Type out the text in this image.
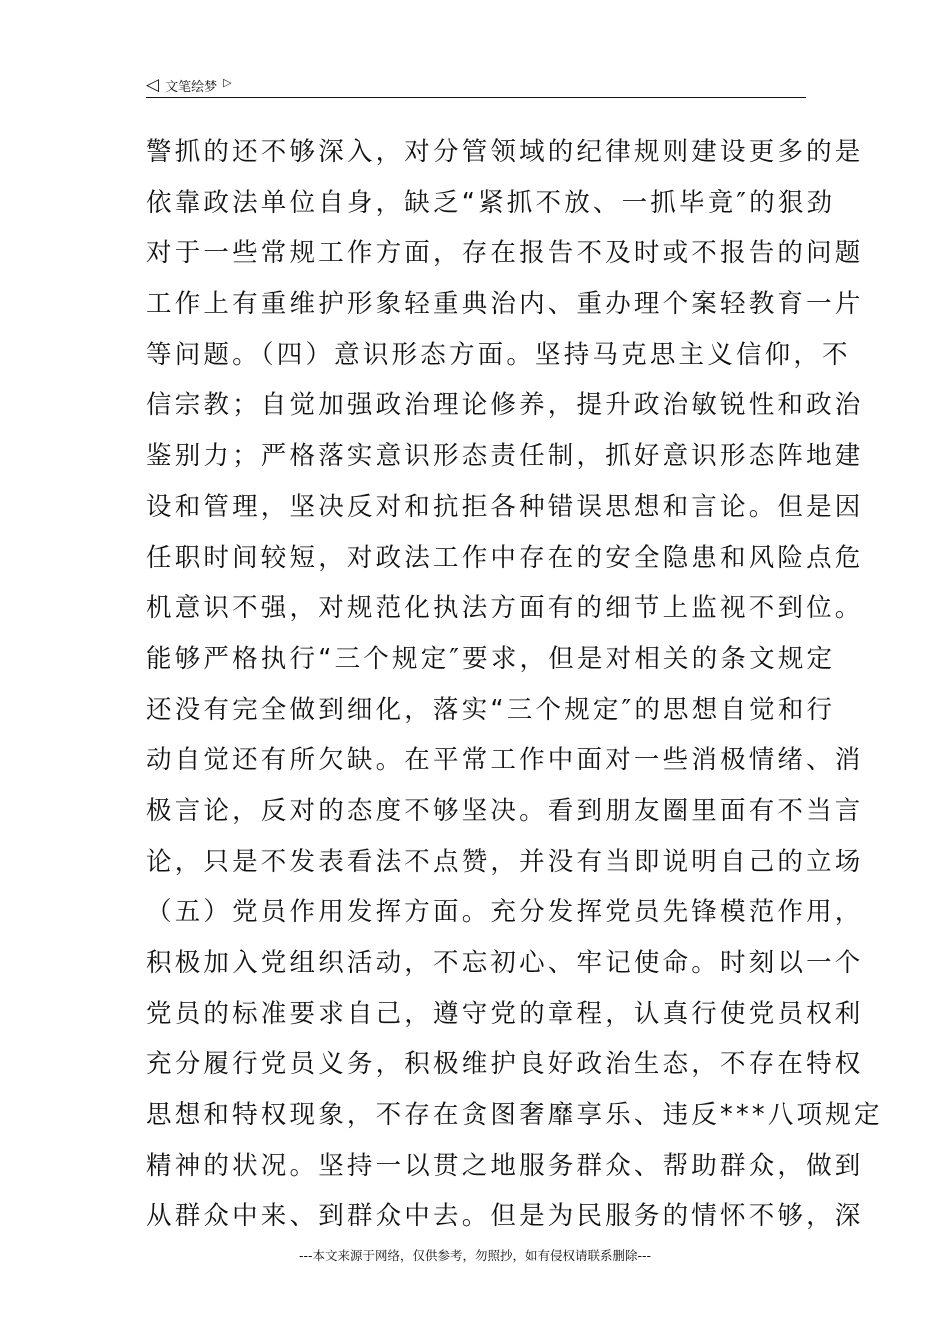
◁ 文笔绘梦 ▷
警抓的还不够深入，对分管领域的纪律规则建设更多的是
依靠政法单位自身，缺乏“紧抓不放、一抓毕竟″的狠劲
对于一些常规工作方面，存在报告不及时或不报告的问题
工作上有重维护形象轻重典治内、重办理个案轻教育一片
等问题。（四）意识形态方面。坚持马克思主义信仰，不
信宗教；自觉加强政治理论修养，提升政治敏锐性和政治
鉴别力；严格落实意识形态责任制，抓好意识形态阵地建
设和管理，坚决反对和抗拒各种错误思想和言论。但是因
任职时间较短，对政法工作中存在的安全隐患和风险点危
机意识不强，对规范化执法方面有的细节上监视不到位。
能够严格执行“三个规定″要求，但是对相关的条文规定
还没有完全做到细化，落实“三个规定″的思想自觉和行
动自觉还有所欠缺。在平常工作中面对一些消极情绪、消
极言论，反对的态度不够坚决。看到朋友圈里面有不当言
论，只是不发表看法不点赞，并没有当即说明自己的立场
（五）党员作用发挥方面。充分发挥党员先锋模范作用，
积极加入党组织活动，不忘初心、牢记使命。时刻以一个
党员的标准要求自己，遵守党的章程，认真行使党员权利
充分履行党员义务，积极维护良好政治生态，不存在特权
思想和特权现象，不存在贪图奢靡享乐、违反***八项规定
精神的状况。坚持一以贯之地服务群众、帮助群众，做到
从群众中来、到群众中去。但是为民服务的情怀不够，深
---本文来源于网络，仅供参考，勿照抄，如有侵权请联系删除---
